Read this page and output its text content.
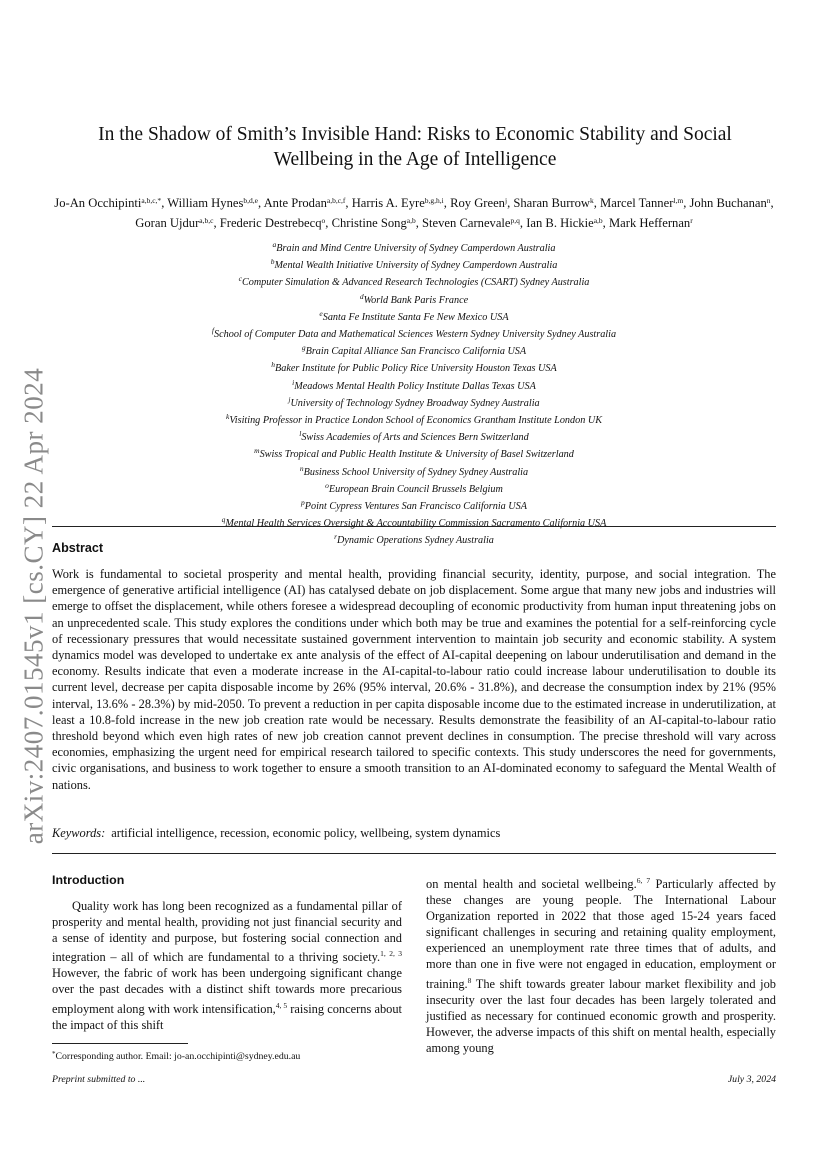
arXiv:2407.01545v1 [cs.CY] 22 Apr 2024
In the Shadow of Smith’s Invisible Hand: Risks to Economic Stability and Social Wellbeing in the Age of Intelligence
Jo-An Occhipinti$^{a,b,c,*}$, William Hynes$^{b,d,e}$, Ante Prodan$^{a,b,c,f}$, Harris A. Eyre$^{b,g,h,i}$, Roy Green$^j$, Sharan Burrow$^k$, Marcel Tanner$^{l,m}$, John Buchanan$^n$, Goran Ujdur$^{a,b,c}$, Frederic Destrebecq$^o$, Christine Song$^{a,b}$, Steven Carnevale$^{p,q}$, Ian B. Hickie$^{a,b}$, Mark Heffernan$^r$
$^a$Brain and Mind Centre University of Sydney Camperdown Australia
$^b$Mental Wealth Initiative University of Sydney Camperdown Australia
$^c$Computer Simulation & Advanced Research Technologies (CSART) Sydney Australia
$^d$World Bank Paris France
$^e$Santa Fe Institute Santa Fe New Mexico USA
$^f$School of Computer Data and Mathematical Sciences Western Sydney University Sydney Australia
$^g$Brain Capital Alliance San Francisco California USA
$^h$Baker Institute for Public Policy Rice University Houston Texas USA
$^i$Meadows Mental Health Policy Institute Dallas Texas USA
$^j$University of Technology Sydney Broadway Sydney Australia
$^k$Visiting Professor in Practice London School of Economics Grantham Institute London UK
$^l$Swiss Academies of Arts and Sciences Bern Switzerland
$^m$Swiss Tropical and Public Health Institute & University of Basel Switzerland
$^n$Business School University of Sydney Sydney Australia
$^o$European Brain Council Brussels Belgium
$^p$Point Cypress Ventures San Francisco California USA
$^q$Mental Health Services Oversight & Accountability Commission Sacramento California USA
$^r$Dynamic Operations Sydney Australia
Abstract
Work is fundamental to societal prosperity and mental health, providing financial security, identity, purpose, and social integration. The emergence of generative artificial intelligence (AI) has catalysed debate on job displacement. Some argue that many new jobs and industries will emerge to offset the displacement, while others foresee a widespread decoupling of economic productivity from human input threatening jobs on an unprecedented scale. This study explores the conditions under which both may be true and examines the potential for a self-reinforcing cycle of recessionary pressures that would necessitate sustained government intervention to maintain job security and economic stability. A system dynamics model was developed to undertake ex ante analysis of the effect of AI-capital deepening on labour underutilisation and demand in the economy. Results indicate that even a moderate increase in the AI-capital-to-labour ratio could increase labour underutilisation to double its current level, decrease per capita disposable income by 26% (95% interval, 20.6% - 31.8%), and decrease the consumption index by 21% (95% interval, 13.6% - 28.3%) by mid-2050. To prevent a reduction in per capita disposable income due to the estimated increase in underutilization, at least a 10.8-fold increase in the new job creation rate would be necessary. Results demonstrate the feasibility of an AI-capital-to-labour ratio threshold beyond which even high rates of new job creation cannot prevent declines in consumption. The precise threshold will vary across economies, emphasizing the urgent need for empirical research tailored to specific contexts. This study underscores the need for governments, civic organisations, and business to work together to ensure a smooth transition to an AI-dominated economy to safeguard the Mental Wealth of nations.
Keywords: artificial intelligence, recession, economic policy, wellbeing, system dynamics
Introduction
Quality work has long been recognized as a fundamental pillar of prosperity and mental health, providing not just financial security and a sense of identity and purpose, but fostering social connection and integration – all of which are fundamental to a thriving society.$^{1, 2, 3}$ However, the fabric of work has been undergoing significant change over the past decades with a distinct shift towards more precarious employment along with work intensification,$^{4, 5}$ raising concerns about the impact of this shift
on mental health and societal wellbeing.$^{6, 7}$ Particularly affected by these changes are young people. The International Labour Organization reported in 2022 that those aged 15-24 years faced significant challenges in securing and retaining quality employment, experienced an unemployment rate three times that of adults, and more than one in five were not engaged in education, employment or training.$^8$ The shift towards greater labour market flexibility and job insecurity over the last four decades has been largely tolerated and justified as necessary for continued economic growth and prosperity. However, the adverse impacts of this shift on mental health, especially among young
*Corresponding author. Email: jo-an.occhipinti@sydney.edu.au
Preprint submitted to ...	July 3, 2024
